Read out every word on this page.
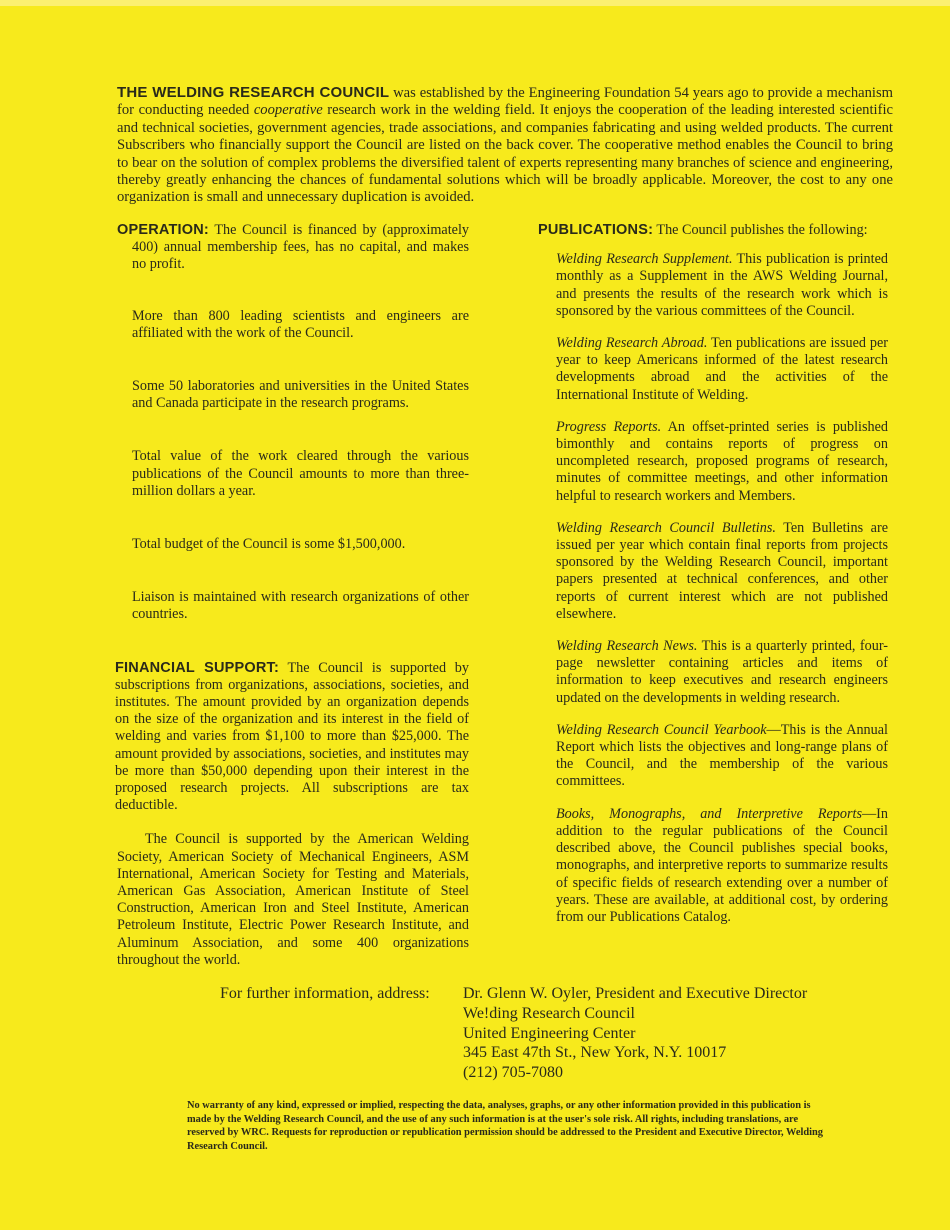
THE WELDING RESEARCH COUNCIL was established by the Engineering Foundation 54 years ago to provide a mechanism for conducting needed cooperative research work in the welding field. It enjoys the cooperation of the leading interested scientific and technical societies, government agencies, trade associations, and companies fabricating and using welded products. The current Subscribers who financially support the Council are listed on the back cover. The cooperative method enables the Council to bring to bear on the solution of complex problems the diversified talent of experts representing many branches of science and engineering, thereby greatly enhancing the chances of fundamental solutions which will be broadly applicable. Moreover, the cost to any one organization is small and unnecessary duplication is avoided.

OPERATION: The Council is financed by (approximately 400) annual membership fees, has no capital, and makes no profit.

More than 800 leading scientists and engineers are affiliated with the work of the Council.

Some 50 laboratories and universities in the United States and Canada participate in the research programs.

Total value of the work cleared through the various publications of the Council amounts to more than three-million dollars a year.

Total budget of the Council is some $1,500,000.

Liaison is maintained with research organizations of other countries.

FINANCIAL SUPPORT: The Council is supported by subscriptions from organizations, associations, societies, and institutes. The amount provided by an organization depends on the size of the organization and its interest in the field of welding and varies from $1,100 to more than $25,000. The amount provided by associations, societies, and institutes may be more than $50,000 depending upon their interest in the proposed research projects. All subscriptions are tax deductible.

The Council is supported by the American Welding Society, American Society of Mechanical Engineers, ASM International, American Society for Testing and Materials, American Gas Association, American Institute of Steel Construction, American Iron and Steel Institute, American Petroleum Institute, Electric Power Research Institute, and Aluminum Association, and some 400 organizations throughout the world.

PUBLICATIONS: The Council publishes the following:

Welding Research Supplement. This publication is printed monthly as a Supplement in the AWS Welding Journal, and presents the results of the research work which is sponsored by the various committees of the Council.

Welding Research Abroad. Ten publications are issued per year to keep Americans informed of the latest research developments abroad and the activities of the International Institute of Welding.

Progress Reports. An offset-printed series is published bimonthly and contains reports of progress on uncompleted research, proposed programs of research, minutes of committee meetings, and other information helpful to research workers and Members.

Welding Research Council Bulletins. Ten Bulletins are issued per year which contain final reports from projects sponsored by the Welding Research Council, important papers presented at technical conferences, and other reports of current interest which are not published elsewhere.

Welding Research News. This is a quarterly printed, four-page newsletter containing articles and items of information to keep executives and research engineers updated on the developments in welding research.

Welding Research Council Yearbook—This is the Annual Report which lists the objectives and long-range plans of the Council, and the membership of the various committees.

Books, Monographs, and Interpretive Reports—In addition to the regular publications of the Council described above, the Council publishes special books, monographs, and interpretive reports to summarize results of specific fields of research extending over a number of years. These are available, at additional cost, by ordering from our Publications Catalog.

For further information, address: Dr. Glenn W. Oyler, President and Executive Director
We!ding Research Council
United Engineering Center
345 East 47th St., New York, N.Y. 10017
(212) 705-7080
No warranty of any kind, expressed or implied, respecting the data, analyses, graphs, or any other information provided in this publication is made by the Welding Research Council, and the use of any such information is at the user's sole risk. All rights, including translations, are reserved by WRC. Requests for reproduction or republication permission should be addressed to the President and Executive Director, Welding Research Council.
